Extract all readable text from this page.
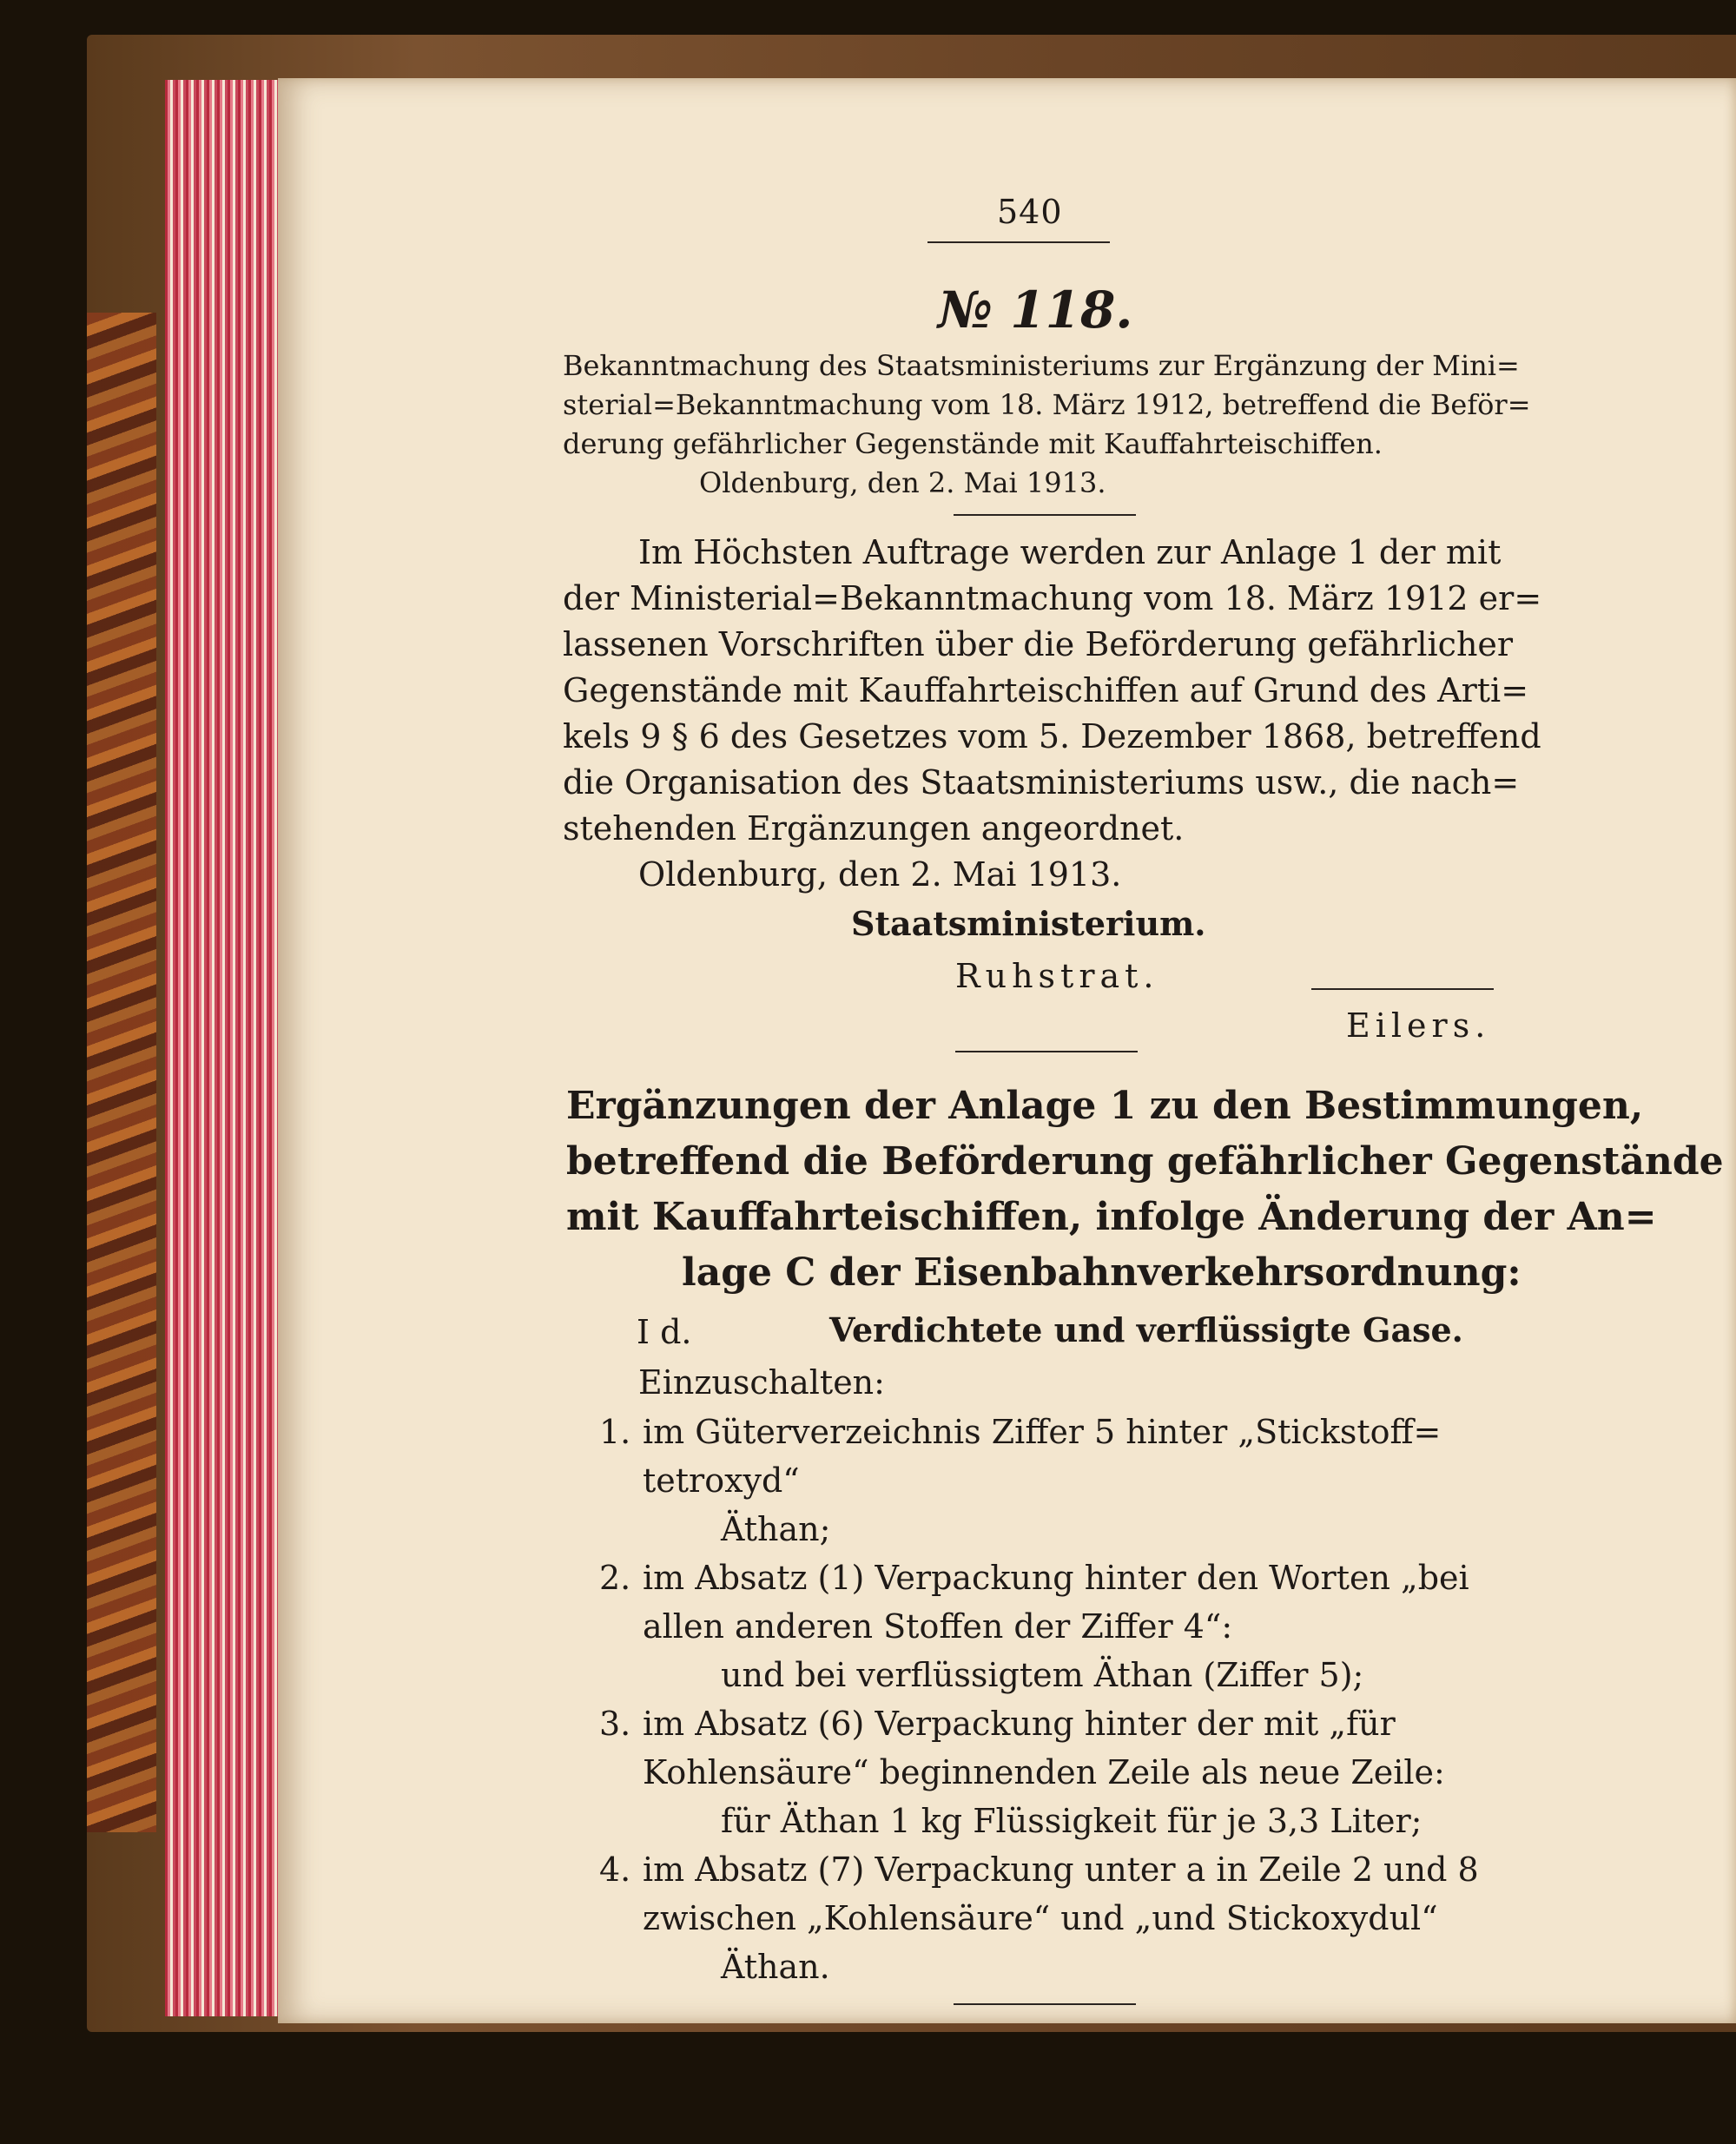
540
№ 118.
Bekanntmachung des Staatsministeriums zur Ergänzung der Mini=
sterial=Bekanntmachung vom 18. März 1912, betreffend die Beför=
derung gefährlicher Gegenstände mit Kauffahrteischiffen.
Oldenburg, den 2. Mai 1913.
Im Höchsten Auftrage werden zur Anlage 1 der mit
der Ministerial=Bekanntmachung vom 18. März 1912 er=
lassenen Vorschriften über die Beförderung gefährlicher
Gegenstände mit Kauffahrteischiffen auf Grund des Arti=
kels 9 § 6 des Gesetzes vom 5. Dezember 1868, betreffend
die Organisation des Staatsministeriums usw., die nach=
stehenden Ergänzungen angeordnet.
Oldenburg, den 2. Mai 1913.
Staatsministerium.
Ruhstrat.
Eilers.
Ergänzungen der Anlage 1 zu den Bestimmungen,
betreffend die Beförderung gefährlicher Gegenstände
mit Kauffahrteischiffen, infolge Änderung der An=
lage C der Eisenbahnverkehrsordnung:
I d.	Verdichtete und verflüssigte Gase.
Einzuschalten:
1. im Güterverzeichnis Ziffer 5 hinter „Stickstoff=
tetroxyd“
Äthan;
2. im Absatz (1) Verpackung hinter den Worten „bei
allen anderen Stoffen der Ziffer 4“:
und bei verflüssigtem Äthan (Ziffer 5);
3. im Absatz (6) Verpackung hinter der mit „für
Kohlensäure“ beginnenden Zeile als neue Zeile:
für Äthan 1 kg Flüssigkeit für je 3,3 Liter;
4. im Absatz (7) Verpackung unter a in Zeile 2 und 8
zwischen „Kohlensäure“ und „und Stickoxydul“
Äthan.
